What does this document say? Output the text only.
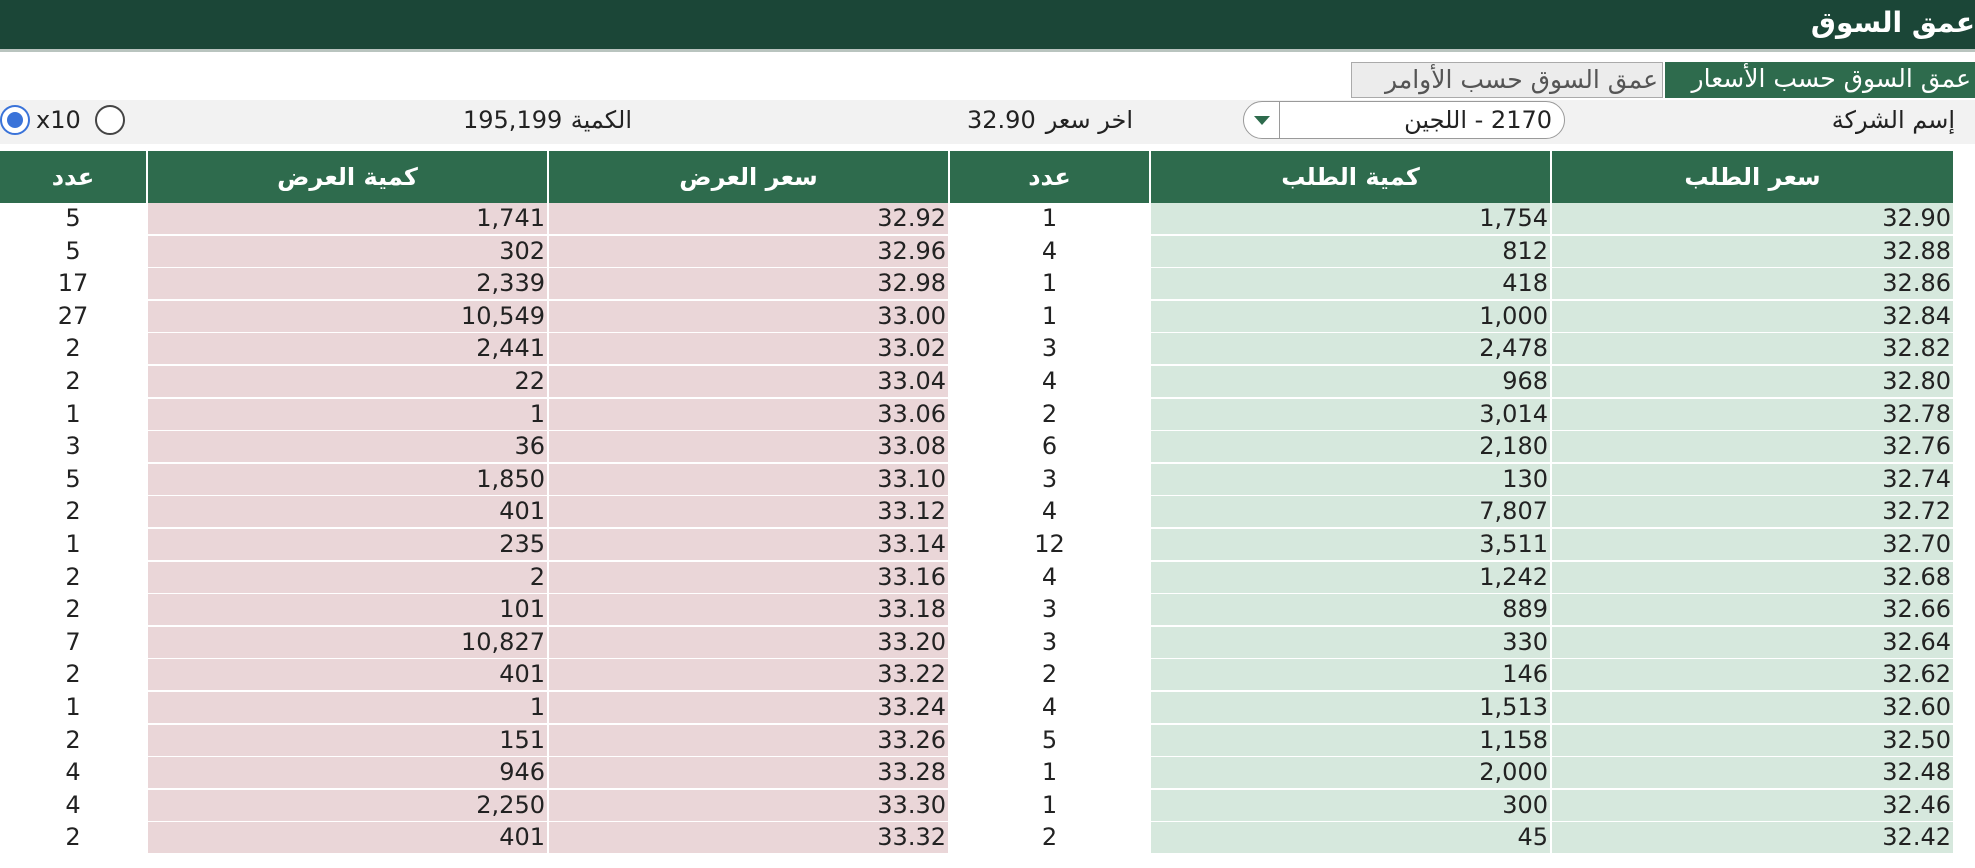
عمق السوق
عمق السوق حسب الأسعار
عمق السوق حسب الأوامر
إسم الشركة
2170 - اللجين
اخر سعر
32.90
الكمية
195,199
x10
سعر الطلب
كمية الطلب
عدد
سعر العرض
كمية العرض
عدد
32.90
1,754
1
32.92
1,741
5
32.88
812
4
32.96
302
5
32.86
418
1
32.98
2,339
17
32.84
1,000
1
33.00
10,549
27
32.82
2,478
3
33.02
2,441
2
32.80
968
4
33.04
22
2
32.78
3,014
2
33.06
1
1
32.76
2,180
6
33.08
36
3
32.74
130
3
33.10
1,850
5
32.72
7,807
4
33.12
401
2
32.70
3,511
12
33.14
235
1
32.68
1,242
4
33.16
2
2
32.66
889
3
33.18
101
2
32.64
330
3
33.20
10,827
7
32.62
146
2
33.22
401
2
32.60
1,513
4
33.24
1
1
32.50
1,158
5
33.26
151
2
32.48
2,000
1
33.28
946
4
32.46
300
1
33.30
2,250
4
32.42
45
2
33.32
401
2
